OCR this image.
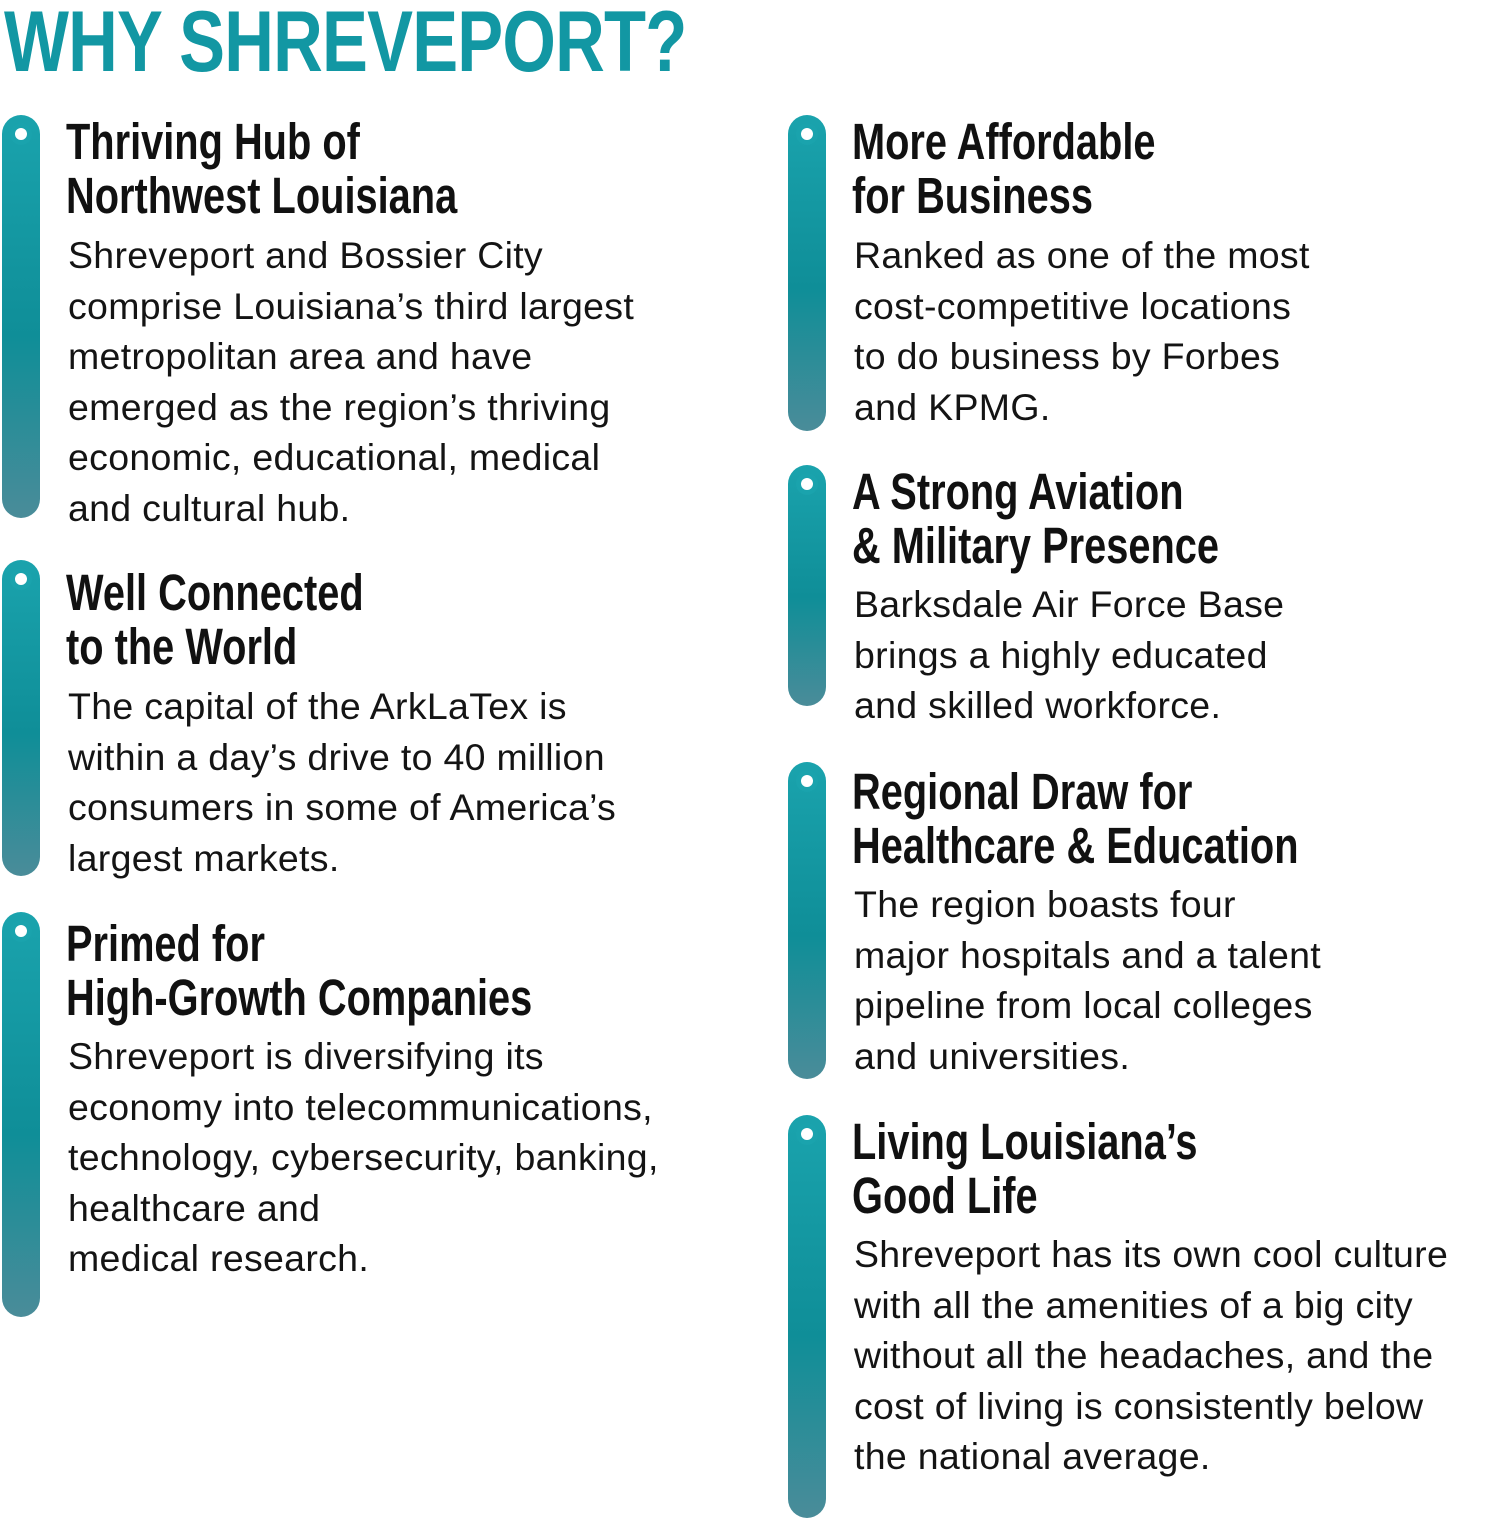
WHY SHREVEPORT?
Thriving Hub of
Northwest Louisiana

Shreveport and Bossier City
comprise Louisiana’s third largest
metropolitan area and have
emerged as the region’s thriving
economic, educational, medical
and cultural hub.

Well Connected
to the World

The capital of the ArkLaTex is
within a day’s drive to 40 million
consumers in some of America’s
largest markets.

Primed for
High-Growth Companies

Shreveport is diversifying its
economy into telecommunications,
technology, cybersecurity, banking,
healthcare and
medical research.

More Affordable
for Business

Ranked as one of the most
cost-competitive locations
to do business by Forbes
and KPMG.

A Strong Aviation
& Military Presence

Barksdale Air Force Base
brings a highly educated
and skilled workforce.

Regional Draw for
Healthcare & Education

The region boasts four
major hospitals and a talent
pipeline from local colleges
and universities.

Living Louisiana’s
Good Life

Shreveport has its own cool culture
with all the amenities of a big city
without all the headaches, and the
cost of living is consistently below
the national average.
